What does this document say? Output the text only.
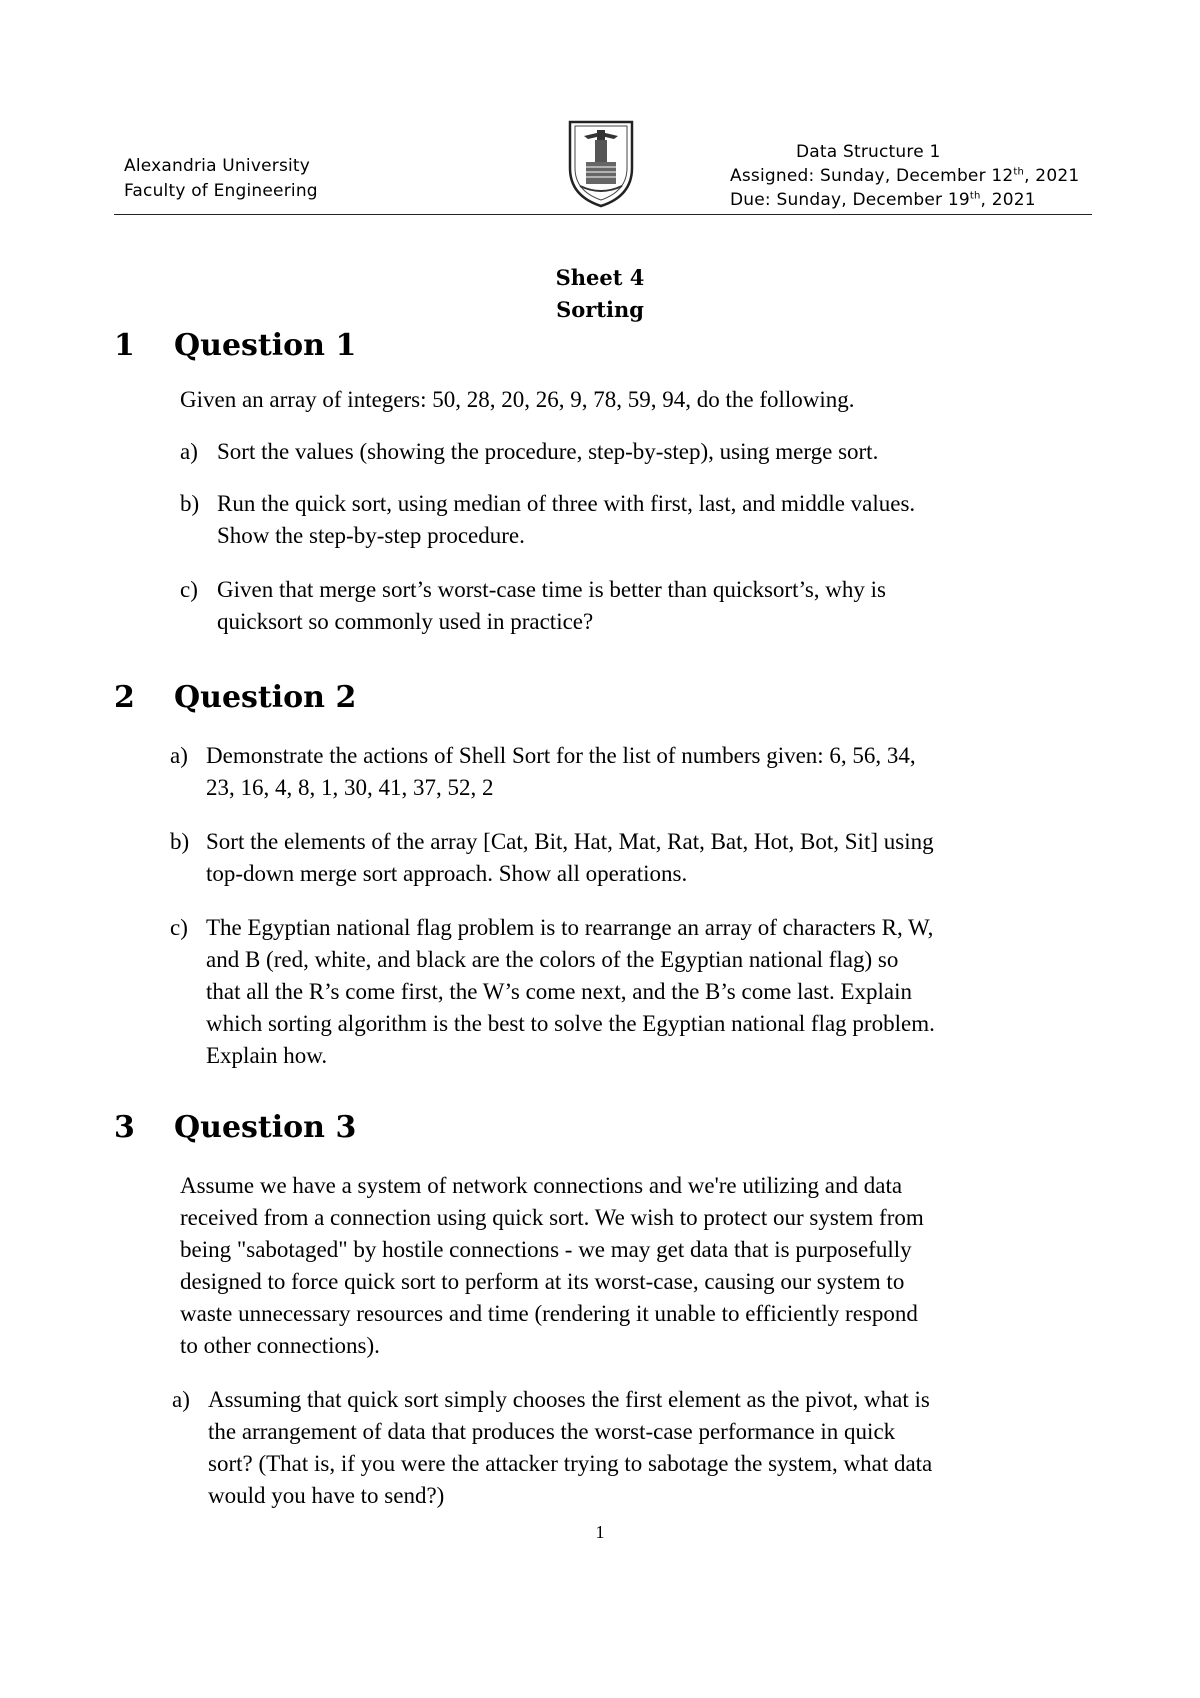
Alexandria University
Faculty of Engineering
Data Structure 1
Assigned: Sunday, December 12th, 2021
Due: Sunday, December 19th, 2021
Sheet 4
Sorting
1 Question 1
Given an array of integers: 50, 28, 20, 26, 9, 78, 59, 94, do the following.
a) Sort the values (showing the procedure, step-by-step), using merge sort.
b) Run the quick sort, using median of three with first, last, and middle values.
Show the step-by-step procedure.
c) Given that merge sort’s worst-case time is better than quicksort’s, why is
quicksort so commonly used in practice?
2 Question 2
a) Demonstrate the actions of Shell Sort for the list of numbers given: 6, 56, 34,
23, 16, 4, 8, 1, 30, 41, 37, 52, 2
b) Sort the elements of the array [Cat, Bit, Hat, Mat, Rat, Bat, Hot, Bot, Sit] using
top-down merge sort approach. Show all operations.
c) The Egyptian national flag problem is to rearrange an array of characters R, W,
and B (red, white, and black are the colors of the Egyptian national flag) so
that all the R’s come first, the W’s come next, and the B’s come last. Explain
which sorting algorithm is the best to solve the Egyptian national flag problem.
Explain how.
3 Question 3
Assume we have a system of network connections and we're utilizing and data
received from a connection using quick sort. We wish to protect our system from
being "sabotaged" by hostile connections - we may get data that is purposefully
designed to force quick sort to perform at its worst-case, causing our system to
waste unnecessary resources and time (rendering it unable to efficiently respond
to other connections).
a) Assuming that quick sort simply chooses the first element as the pivot, what is
the arrangement of data that produces the worst-case performance in quick
sort? (That is, if you were the attacker trying to sabotage the system, what data
would you have to send?)
1
